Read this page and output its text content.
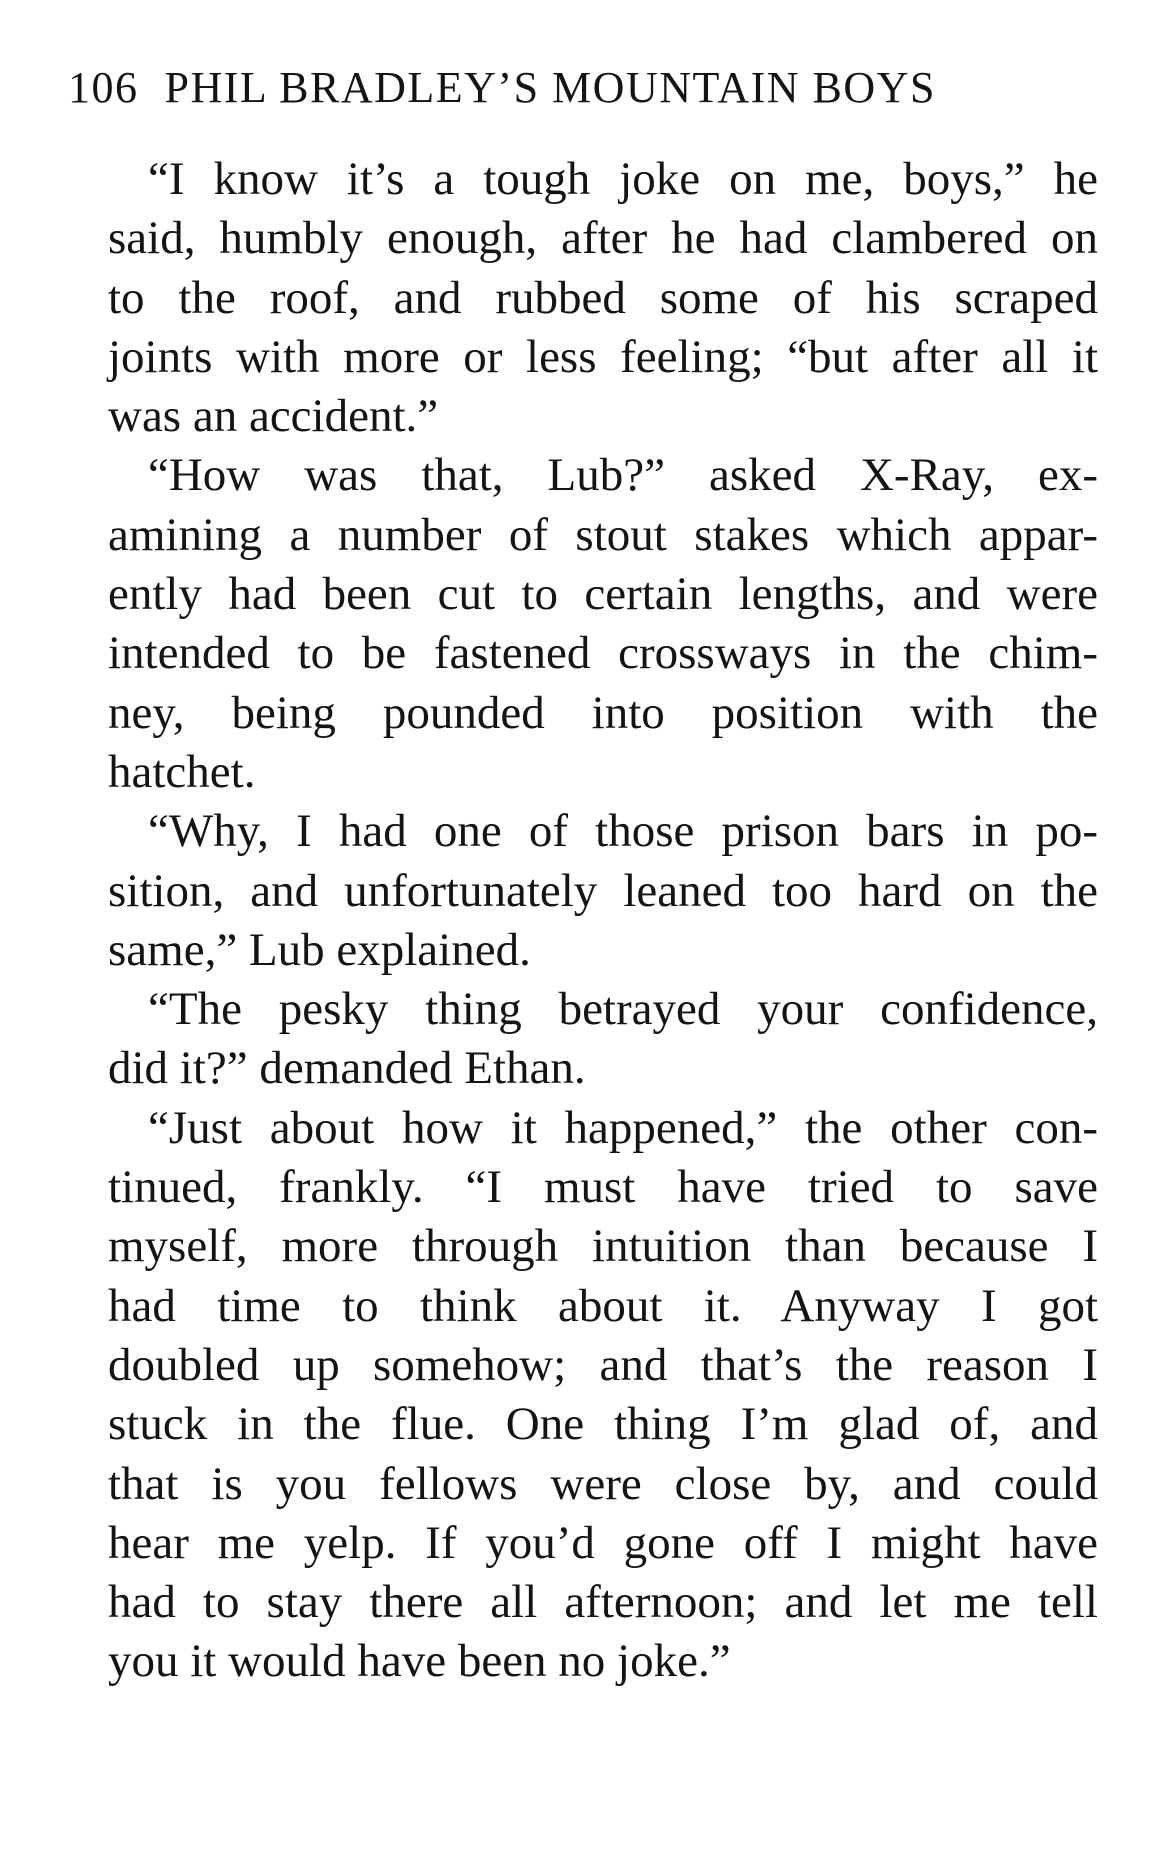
106 PHIL BRADLEY’S MOUNTAIN BOYS
“I know it’s a tough joke on me, boys,” he
said, humbly enough, after he had clambered on
to the roof, and rubbed some of his scraped
joints with more or less feeling; “but after all it
was an accident.”
“How was that, Lub?” asked X-Ray, ex-
amining a number of stout stakes which appar-
ently had been cut to certain lengths, and were
intended to be fastened crossways in the chim-
ney, being pounded into position with the
hatchet.
“Why, I had one of those prison bars in po-
sition, and unfortunately leaned too hard on the
same,” Lub explained.
“The pesky thing betrayed your confidence,
did it?” demanded Ethan.
“Just about how it happened,” the other con-
tinued, frankly. “I must have tried to save
myself, more through intuition than because I
had time to think about it. Anyway I got
doubled up somehow; and that’s the reason I
stuck in the flue. One thing I’m glad of, and
that is you fellows were close by, and could
hear me yelp. If you’d gone off I might have
had to stay there all afternoon; and let me tell
you it would have been no joke.”
